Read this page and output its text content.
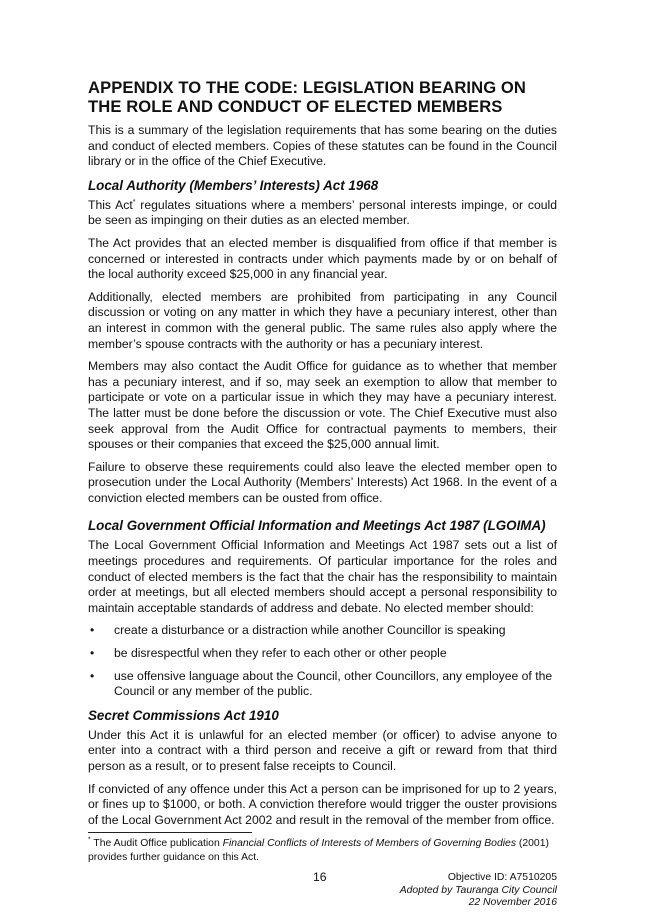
APPENDIX TO THE CODE: LEGISLATION BEARING ON THE ROLE AND CONDUCT OF ELECTED MEMBERS

This is a summary of the legislation requirements that has some bearing on the duties and conduct of elected members. Copies of these statutes can be found in the Council library or in the office of the Chief Executive.

Local Authority (Members’ Interests) Act 1968

This Act* regulates situations where a members’ personal interests impinge, or could be seen as impinging on their duties as an elected member.

The Act provides that an elected member is disqualified from office if that member is concerned or interested in contracts under which payments made by or on behalf of the local authority exceed $25,000 in any financial year.

Additionally, elected members are prohibited from participating in any Council discussion or voting on any matter in which they have a pecuniary interest, other than an interest in common with the general public. The same rules also apply where the member’s spouse contracts with the authority or has a pecuniary interest.

Members may also contact the Audit Office for guidance as to whether that member has a pecuniary interest, and if so, may seek an exemption to allow that member to participate or vote on a particular issue in which they may have a pecuniary interest. The latter must be done before the discussion or vote. The Chief Executive must also seek approval from the Audit Office for contractual payments to members, their spouses or their companies that exceed the $25,000 annual limit.

Failure to observe these requirements could also leave the elected member open to prosecution under the Local Authority (Members’ Interests) Act 1968. In the event of a conviction elected members can be ousted from office.

Local Government Official Information and Meetings Act 1987 (LGOIMA)

The Local Government Official Information and Meetings Act 1987 sets out a list of meetings procedures and requirements. Of particular importance for the roles and conduct of elected members is the fact that the chair has the responsibility to maintain order at meetings, but all elected members should accept a personal responsibility to maintain acceptable standards of address and debate. No elected member should:

• create a disturbance or a distraction while another Councillor is speaking
• be disrespectful when they refer to each other or other people
• use offensive language about the Council, other Councillors, any employee of the Council or any member of the public.
Secret Commissions Act 1910

Under this Act it is unlawful for an elected member (or officer) to advise anyone to enter into a contract with a third person and receive a gift or reward from that third person as a result, or to present false receipts to Council.

If convicted of any offence under this Act a person can be imprisoned for up to 2 years, or fines up to $1000, or both. A conviction therefore would trigger the ouster provisions of the Local Government Act 2002 and result in the removal of the member from office.

* The Audit Office publication Financial Conflicts of Interests of Members of Governing Bodies (2001) provides further guidance on this Act.
16	Objective ID: A7510205
Adopted by Tauranga City Council
22 November 2016
